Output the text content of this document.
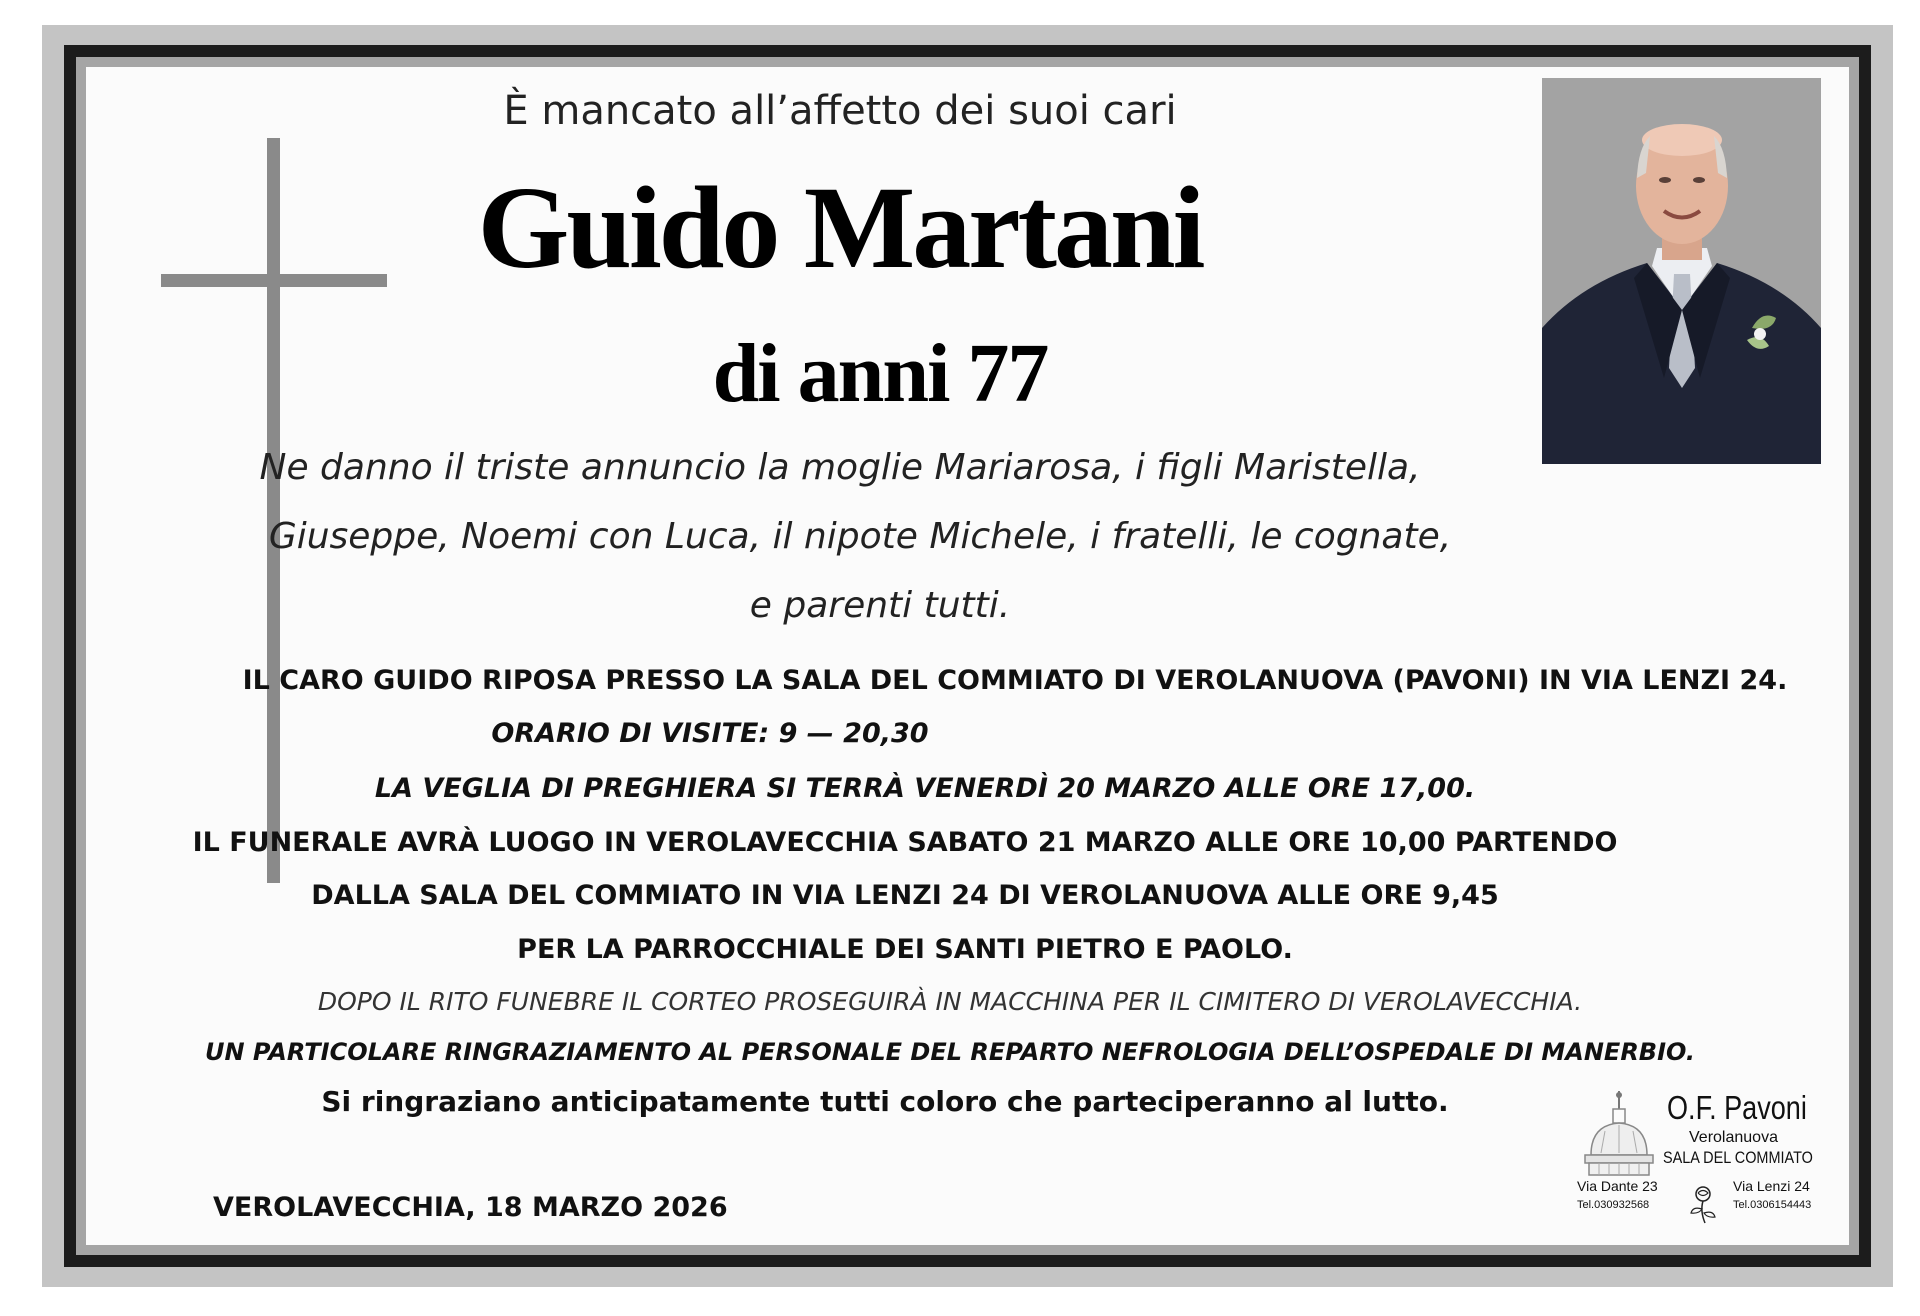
È mancato all’affetto dei suoi cari
Guido Martani
di anni 77
Ne danno il triste annuncio la moglie Mariarosa, i figli Maristella,
Giuseppe, Noemi con Luca, il nipote Michele, i fratelli, le cognate,
e parenti tutti.
IL CARO GUIDO RIPOSA PRESSO LA SALA DEL COMMIATO DI VEROLANUOVA (PAVONI) IN VIA LENZI 24.
ORARIO DI VISITE: 9 — 20,30
LA VEGLIA DI PREGHIERA SI TERRÀ VENERDÌ 20 MARZO ALLE ORE 17,00.
IL FUNERALE AVRÀ LUOGO IN VEROLAVECCHIA SABATO 21 MARZO ALLE ORE 10,00 PARTENDO
DALLA SALA DEL COMMIATO IN VIA LENZI 24 DI VEROLANUOVA ALLE ORE 9,45
PER LA PARROCCHIALE DEI SANTI PIETRO E PAOLO.
DOPO IL RITO FUNEBRE IL CORTEO PROSEGUIRÀ IN MACCHINA PER IL CIMITERO DI VEROLAVECCHIA.
UN PARTICOLARE RINGRAZIAMENTO AL PERSONALE DEL REPARTO NEFROLOGIA DELL’OSPEDALE DI MANERBIO.
Si ringraziano anticipatamente tutti coloro che parteciperanno al lutto.
VEROLAVECCHIA, 18 MARZO 2026
O.F. Pavoni
Verolanuova
SALA DEL COMMIATO
Via Dante 23
Tel.030932568
Via Lenzi 24
Tel.0306154443
